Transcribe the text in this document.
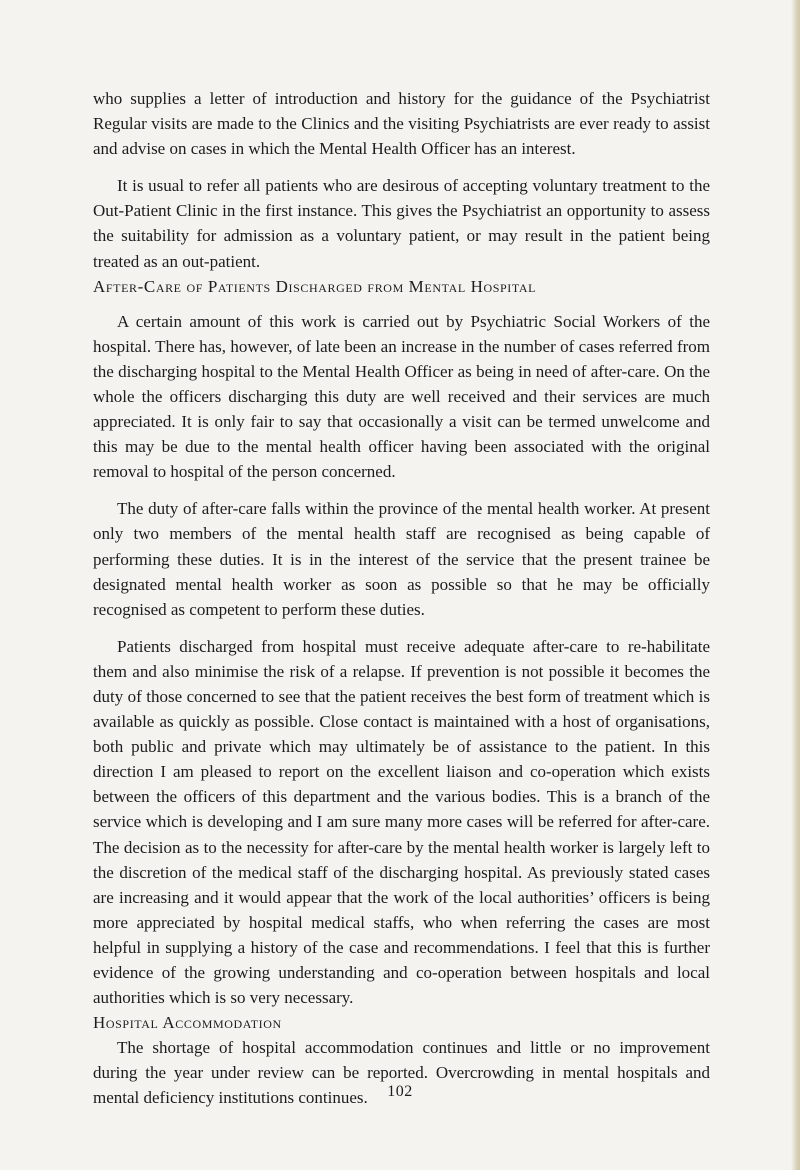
who supplies a letter of introduction and history for the guidance of the Psychiatrist Regular visits are made to the Clinics and the visiting Psychiatrists are ever ready to assist and advise on cases in which the Mental Health Officer has an interest.

It is usual to refer all patients who are desirous of accepting voluntary treatment to the Out-Patient Clinic in the first instance. This gives the Psychiatrist an opportunity to assess the suitability for admission as a voluntary patient, or may result in the patient being treated as an out-patient.

After-Care of Patients Discharged from Mental Hospital

A certain amount of this work is carried out by Psychiatric Social Workers of the hospital. There has, however, of late been an increase in the number of cases referred from the discharging hospital to the Mental Health Officer as being in need of after-care. On the whole the officers discharging this duty are well received and their services are much appreciated. It is only fair to say that occasionally a visit can be termed unwelcome and this may be due to the mental health officer having been associated with the original removal to hospital of the person concerned.

The duty of after-care falls within the province of the mental health worker. At present only two members of the mental health staff are recognised as being capable of performing these duties. It is in the interest of the service that the present trainee be designated mental health worker as soon as possible so that he may be officially recognised as competent to perform these duties.

Patients discharged from hospital must receive adequate after-care to re-habilitate them and also minimise the risk of a relapse. If prevention is not possible it becomes the duty of those concerned to see that the patient receives the best form of treatment which is available as quickly as possible. Close contact is maintained with a host of organisations, both public and private which may ultimately be of assistance to the patient. In this direction I am pleased to report on the excellent liaison and co-operation which exists between the officers of this department and the various bodies. This is a branch of the service which is developing and I am sure many more cases will be referred for after-care. The decision as to the necessity for after-care by the mental health worker is largely left to the discretion of the medical staff of the discharging hospital. As previously stated cases are increasing and it would appear that the work of the local authorities’ officers is being more appreciated by hospital medical staffs, who when referring the cases are most helpful in supplying a history of the case and recommendations. I feel that this is further evidence of the growing understanding and co-operation between hospitals and local authorities which is so very necessary.

Hospital Accommodation

The shortage of hospital accommodation continues and little or no improvement during the year under review can be reported. Overcrowding in mental hospitals and mental deficiency institutions continues.	102
